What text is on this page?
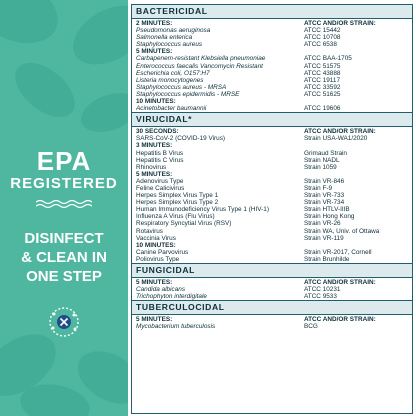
EPA
REGISTERED
DISINFECT
& CLEAN IN
ONE STEP
BACTERICIDAL
2 MINUTES:	ATCC AND/OR STRAIN:
Pseudomonas aeruginosa	ATCC 15442
Salmonella enterica	ATCC 10708
Staphylococcus aureus	ATCC 6538
5 MINUTES:
Carbapenem-resistant Klebsiella pneumoniae	ATCC BAA-1705
Enterococcus faecalis Vancomycin Resistant	ATCC 51575
Escherichia coli, O157:H7	ATCC 43888
Listeria monocytogenes	ATCC 19117
Staphylococcus aureus - MRSA	ATCC 33592
Staphylococcus epidermidis - MRSE	ATCC 51625
10 MINUTES:
Acinetobacter baumannii	ATCC 19606
VIRUCIDAL*
30 SECONDS:	ATCC AND/OR STRAIN:
SARS-CoV-2 (COVID-19 Virus)	Strain USA-WA1/2020
3 MINUTES:
Hepatitis B Virus	Grimaud Strain
Hepatitis C Virus	Strain NADL
Rhinovirus	Strain 1059
5 MINUTES:
Adenovirus Type	Strain VR-846
Feline Calicivirus	Strain F-9
Herpes Simplex Virus Type 1	Strain VR-733
Herpes Simplex Virus Type 2	Strain VR-734
Human Immunodeficiency Virus Type 1 (HIV-1)	Strain HTLV-IIIB
Influenza A Virus (Flu Virus)	Strain Hong Kong
Respiratory Syncytial Virus (RSV)	Strain VR-26
Rotavirus	Strain WA, Univ. of Ottawa
Vaccinia Virus	Strain VR-119
10 MINUTES:
Canine Parvovirus	Strain VR-2017, Cornell
Poliovirus Type	Strain Brunhilde
FUNGICIDAL
5 MINUTES:	ATCC AND/OR STRAIN:
Candida albicans	ATCC 10231
Trichophyton interdigitale	ATCC 9533
TUBERCULOCIDAL
5 MINUTES:	ATCC AND/OR STRAIN:
Mycobacterium tuberculosis	BCG
